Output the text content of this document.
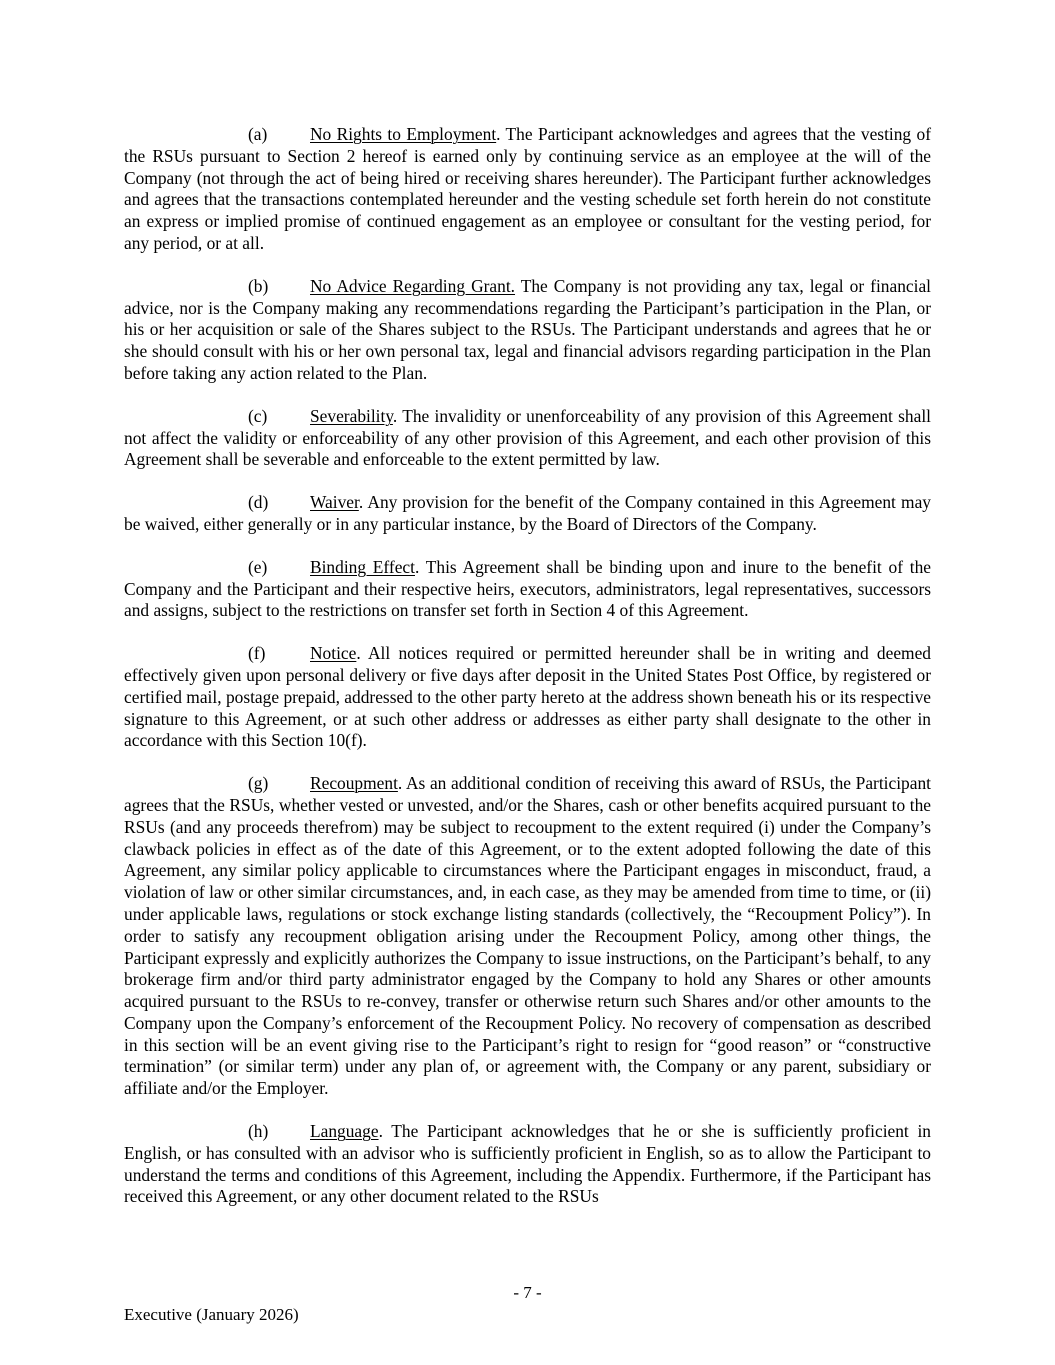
(a) No Rights to Employment. The Participant acknowledges and agrees that the vesting of the RSUs pursuant to Section 2 hereof is earned only by continuing service as an employee at the will of the Company (not through the act of being hired or receiving shares hereunder). The Participant further acknowledges and agrees that the transactions contemplated hereunder and the vesting schedule set forth herein do not constitute an express or implied promise of continued engagement as an employee or consultant for the vesting period, for any period, or at all.

(b) No Advice Regarding Grant. The Company is not providing any tax, legal or financial advice, nor is the Company making any recommendations regarding the Participant’s participation in the Plan, or his or her acquisition or sale of the Shares subject to the RSUs. The Participant understands and agrees that he or she should consult with his or her own personal tax, legal and financial advisors regarding participation in the Plan before taking any action related to the Plan.

(c) Severability. The invalidity or unenforceability of any provision of this Agreement shall not affect the validity or enforceability of any other provision of this Agreement, and each other provision of this Agreement shall be severable and enforceable to the extent permitted by law.

(d) Waiver. Any provision for the benefit of the Company contained in this Agreement may be waived, either generally or in any particular instance, by the Board of Directors of the Company.

(e) Binding Effect. This Agreement shall be binding upon and inure to the benefit of the Company and the Participant and their respective heirs, executors, administrators, legal representatives, successors and assigns, subject to the restrictions on transfer set forth in Section 4 of this Agreement.

(f)	Notice. All notices required or permitted hereunder shall be in writing and deemed effectively given upon personal delivery or five days after deposit in the United States Post Office, by registered or certified mail, postage prepaid, addressed to the other party hereto at the address shown beneath his or its respective signature to this Agreement, or at such other address or addresses as either party shall designate to the other in accordance with this Section 10(f).

(g) Recoupment. As an additional condition of receiving this award of RSUs, the Participant agrees that the RSUs, whether vested or unvested, and/or the Shares, cash or other benefits acquired pursuant to the RSUs (and any proceeds therefrom) may be subject to recoupment to the extent required (i) under the Company’s clawback policies in effect as of the date of this Agreement, or to the extent adopted following the date of this Agreement, any similar policy applicable to circumstances where the Participant engages in misconduct, fraud, a violation of law or other similar circumstances, and, in each case, as they may be amended from time to time, or (ii) under applicable laws, regulations or stock exchange listing standards (collectively, the “Recoupment Policy”). In order to satisfy any recoupment obligation arising under the Recoupment Policy, among other things, the Participant expressly and explicitly authorizes the Company to issue instructions, on the Participant’s behalf, to any brokerage firm and/or third party administrator engaged by the Company to hold any Shares or other amounts acquired pursuant to the RSUs to re-convey, transfer or otherwise return such Shares and/or other amounts to the Company upon the Company’s enforcement of the Recoupment Policy. No recovery of compensation as described in this section will be an event giving rise to the Participant’s right to resign for “good reason” or “constructive termination” (or similar term) under any plan of, or agreement with, the Company or any parent, subsidiary or affiliate and/or the Employer.

(h) Language. The Participant acknowledges that he or she is sufficiently proficient in English, or has consulted with an advisor who is sufficiently proficient in English, so as to allow the Participant to understand the terms and conditions of this Agreement, including the Appendix. Furthermore, if the Participant has received this Agreement, or any other document related to the RSUs

- 7 -
Executive (January 2026)
